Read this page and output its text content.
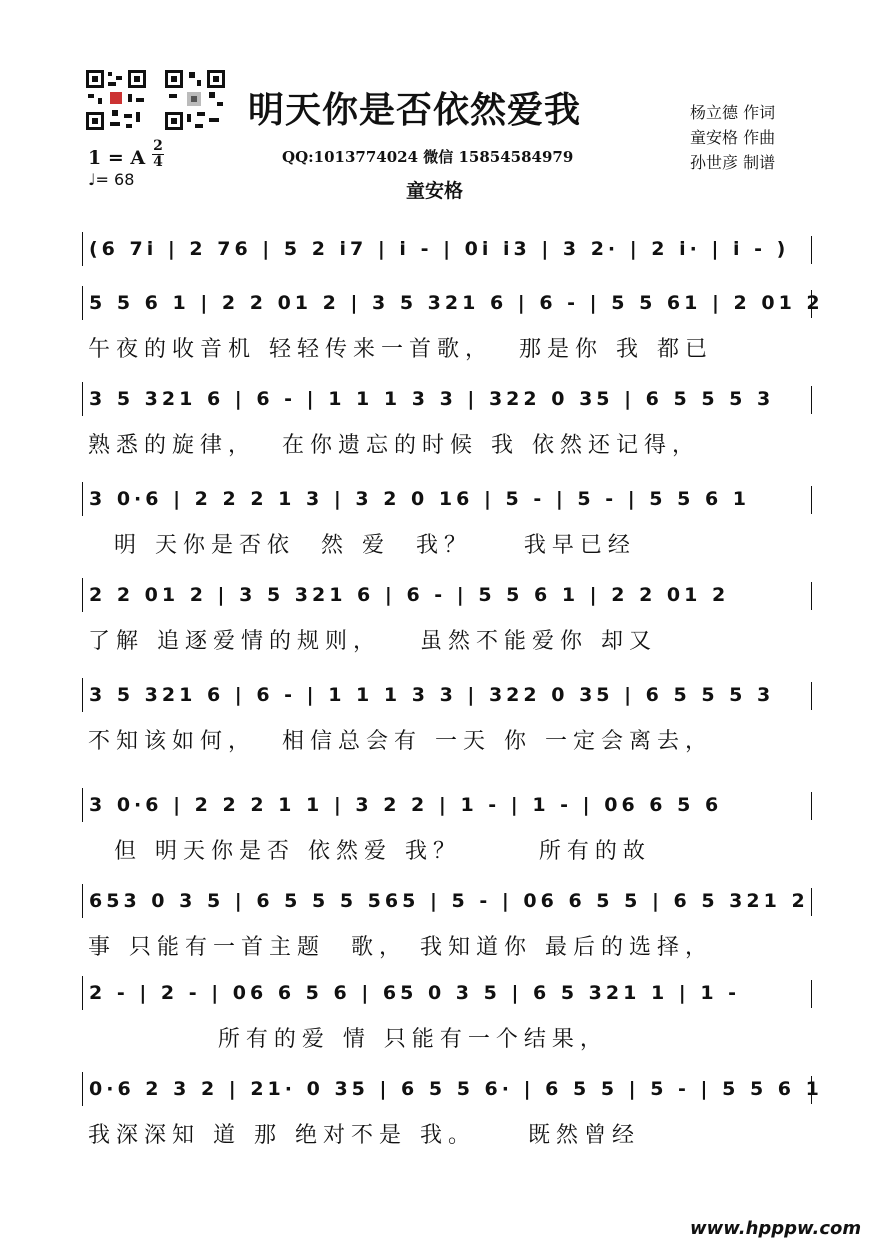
明天你是否依然爱我	杨立德 作词
童安格 作曲
孙世彦 制谱
1 = A
2
4
♩= 68
QQ:1013774024 微信 15854584979
童安格
(6 7i | 2 76 | 5 2 i7 | i - | 0i i3 | 3 2· | 2 i· | i - )
5 5 6 1 | 2 2 01 2 | 3 5 321 6 | 6 - | 5 5 61 | 2 01 2
午夜的收音机 轻轻传来一首歌，  那是你 我 都已
3 5 321 6 | 6 - | 1 1 1 3 3 | 322 0 35 | 6 5 5 5 3
熟悉的旋律，  在你遗忘的时候 我 依然还记得，
3 0·6 | 2 2 2 1 3 | 3 2 0 16 | 5 - | 5 - | 5 5 6 1
明 天你是否依  然 爱  我？    我早已经
2 2 01 2 | 3 5 321 6 | 6 - | 5 5 6 1 | 2 2 01 2
了解 追逐爱情的规则，   虽然不能爱你 却又
3 5 321 6 | 6 - | 1 1 1 3 3 | 322 0 35 | 6 5 5 5 3
不知该如何，  相信总会有 一天 你 一定会离去，
3 0·6 | 2 2 2 1 1 | 3 2 2 | 1 - | 1 - | 06 6 5 6
但 明天你是否 依然爱 我？      所有的故
653 0 3 5 | 6 5 5 5 565 | 5 - | 06 6 5 5 | 6 5 321 2
事 只能有一首主题  歌， 我知道你 最后的选择，
2 - | 2 - | 06 6 5 6 | 65 0 3 5 | 6 5 321 1 | 1 -
所有的爱 情 只能有一个结果，
0·6 2 3 2 | 21· 0 35 | 6 5 5 6· | 6 5 5 | 5 - | 5 5 6 1
我深深知 道 那 绝对不是 我。    既然曾经
www.hpppw.com
